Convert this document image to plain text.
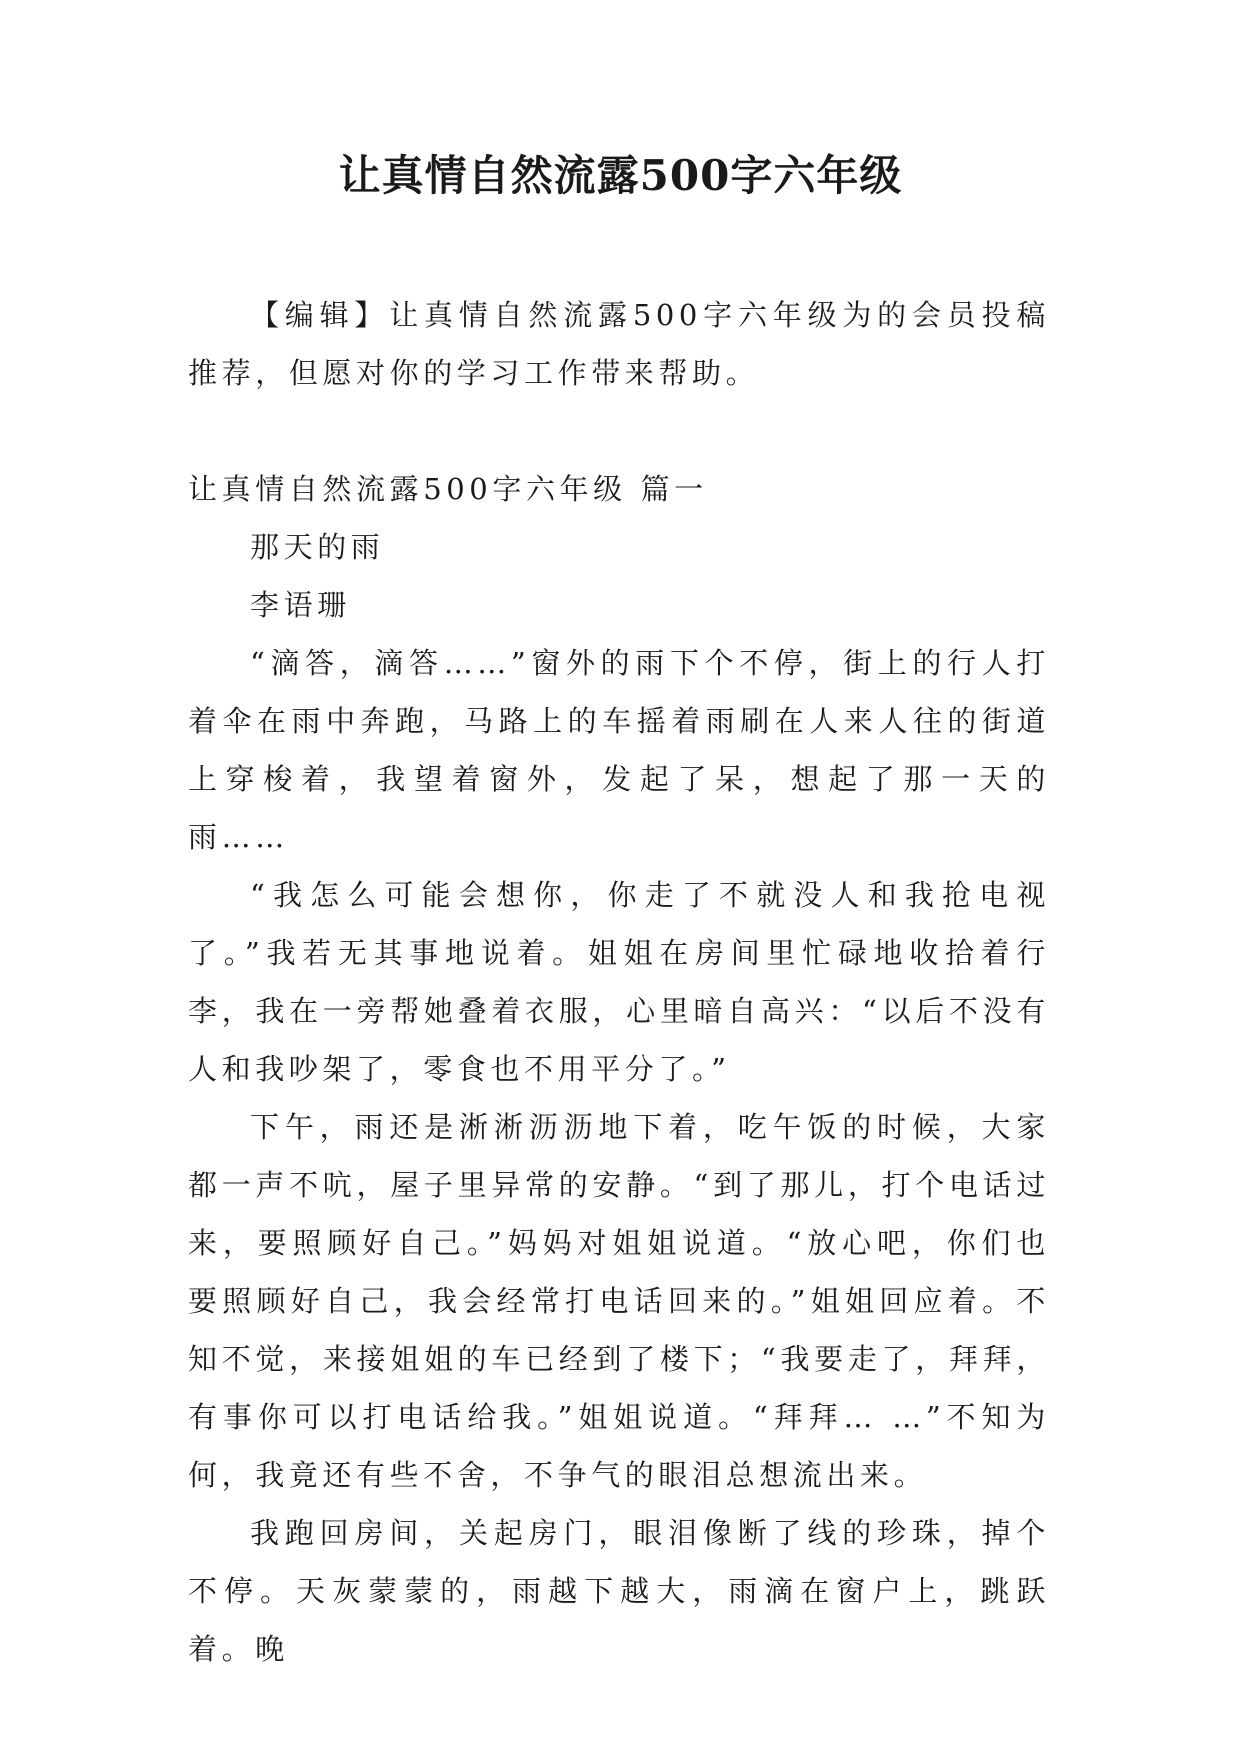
让真情自然流露500字六年级

【编辑】让真情自然流露500字六年级为的会员投稿推荐，但愿对你的学习工作带来帮助。

让真情自然流露500字六年级 篇一

那天的雨

李语珊

“滴答，滴答……”窗外的雨下个不停，街上的行人打着伞在雨中奔跑，马路上的车摇着雨刷在人来人往的街道上穿梭着，我望着窗外，发起了呆，想起了那一天的雨……

“我怎么可能会想你，你走了不就没人和我抢电视了。”我若无其事地说着。姐姐在房间里忙碌地收拾着行李，我在一旁帮她叠着衣服，心里暗自高兴：“以后不没有人和我吵架了，零食也不用平分了。”

下午，雨还是淅淅沥沥地下着，吃午饭的时候，大家都一声不吭，屋子里异常的安静。“到了那儿，打个电话过来，要照顾好自己。”妈妈对姐姐说道。“放心吧，你们也要照顾好自己，我会经常打电话回来的。”姐姐回应着。不知不觉，来接姐姐的车已经到了楼下；“我要走了，拜拜，有事你可以打电话给我。”姐姐说道。“拜拜… …”不知为何，我竟还有些不舍，不争气的眼泪总想流出来。

我跑回房间，关起房门，眼泪像断了线的珍珠，掉个不停。天灰蒙蒙的，雨越下越大，雨滴在窗户上，跳跃着。晚
